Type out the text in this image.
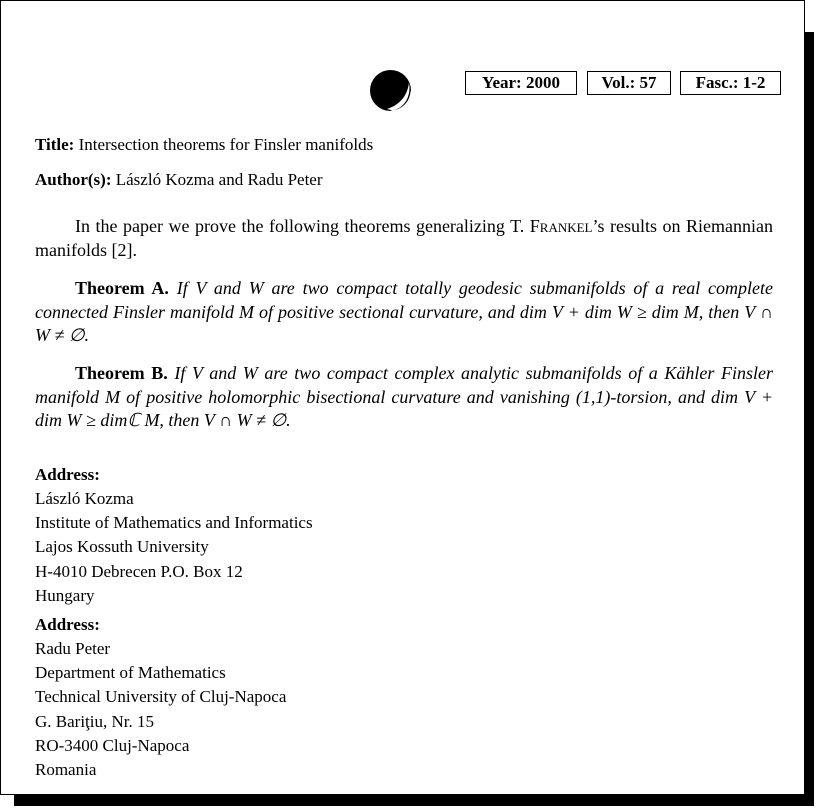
Year: 2000	Vol.: 57	Fasc.: 1-2
Title: Intersection theorems for Finsler manifolds
Author(s): László Kozma and Radu Peter
In the paper we prove the following theorems generalizing T. Frankel’s results on Riemannian manifolds [2].
Theorem A. If V and W are two compact totally geodesic submanifolds of a real complete connected Finsler manifold M of positive sectional curvature, and dim V + dim W ≥ dim M, then V ∩ W ≠ ∅.
Theorem B. If V and W are two compact complex analytic submanifolds of a Kähler Finsler manifold M of positive holomorphic bisectional curvature and vanishing (1,1)-torsion, and dim V + dim W ≥ dimℂ M, then V ∩ W ≠ ∅.
Address:
László Kozma
Institute of Mathematics and Informatics
Lajos Kossuth University
H-4010 Debrecen P.O. Box 12
Hungary
Address:
Radu Peter
Department of Mathematics
Technical University of Cluj-Napoca
G. Bariţiu, Nr. 15
RO-3400 Cluj-Napoca
Romania
